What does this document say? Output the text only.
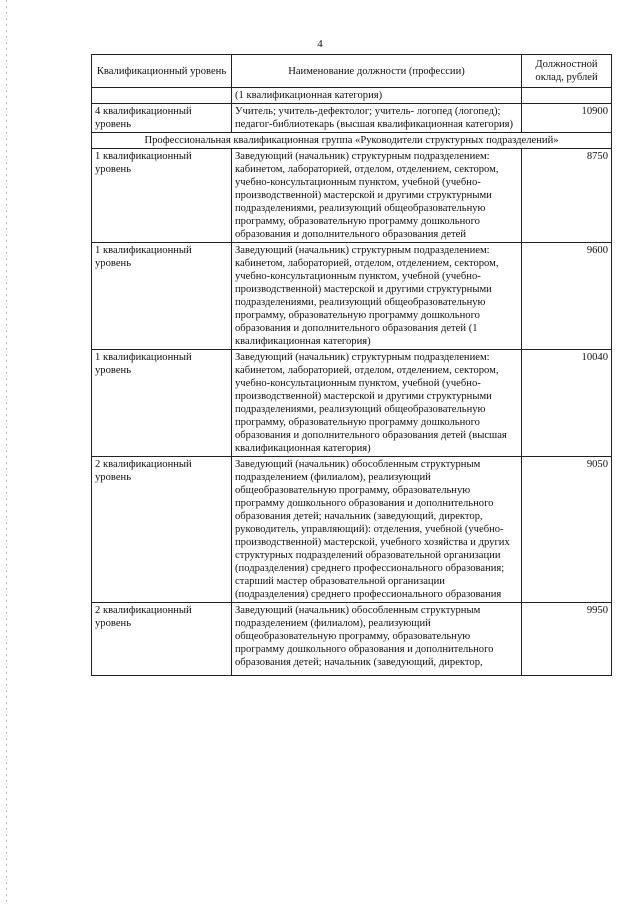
4
Квалификационный уровень	Наименование должности (профессии)	Должностной оклад, рублей
	(1 квалификационная категория)	
4 квалификационный уровень	Учитель; учитель-дефектолог; учитель- логопед (логопед); педагог-библиотекарь (высшая квалификационная категория)	10900
Профессиональная квалификационная группа «Руководители структурных подразделений»		
1 квалификационный уровень	Заведующий (начальник) структурным подразделением: кабинетом, лабораторией, отделом, отделением, сектором, учебно-консультационным пунктом, учебной (учебно-производственной) мастерской и другими структурными подразделениями, реализующий общеобразовательную программу, образовательную программу дошкольного образования и дополнительного образования детей	8750
1 квалификационный уровень	Заведующий (начальник) структурным подразделением: кабинетом, лабораторией, отделом, отделением, сектором, учебно-консультационным пунктом, учебной (учебно-производственной) мастерской и другими структурными подразделениями, реализующий общеобразовательную программу, образовательную программу дошкольного образования и дополнительного образования детей (1 квалификационная категория)	9600
1 квалификационный уровень	Заведующий (начальник) структурным подразделением: кабинетом, лабораторией, отделом, отделением, сектором, учебно-консультационным пунктом, учебной (учебно-производственной) мастерской и другими структурными подразделениями, реализующий общеобразовательную программу, образовательную программу дошкольного образования и дополнительного образования детей (высшая квалификационная категория)	10040
2 квалификационный уровень	Заведующий (начальник) обособленным структурным подразделением (филиалом), реализующий общеобразовательную программу, образовательную программу дошкольного образования и дополнительного образования детей; начальник (заведующий, директор, руководитель, управляющий): отделения, учебной (учебно-производственной) мастерской, учебного хозяйства и других структурных подразделений образовательной организации (подразделения) среднего профессионального образования; старший мастер образовательной организации (подразделения) среднего профессионального образования	9050
2 квалификационный уровень	Заведующий (начальник) обособленным структурным подразделением (филиалом), реализующий общеобразовательную программу, образовательную программу дошкольного образования и дополнительного образования детей; начальник (заведующий, директор,	9950
